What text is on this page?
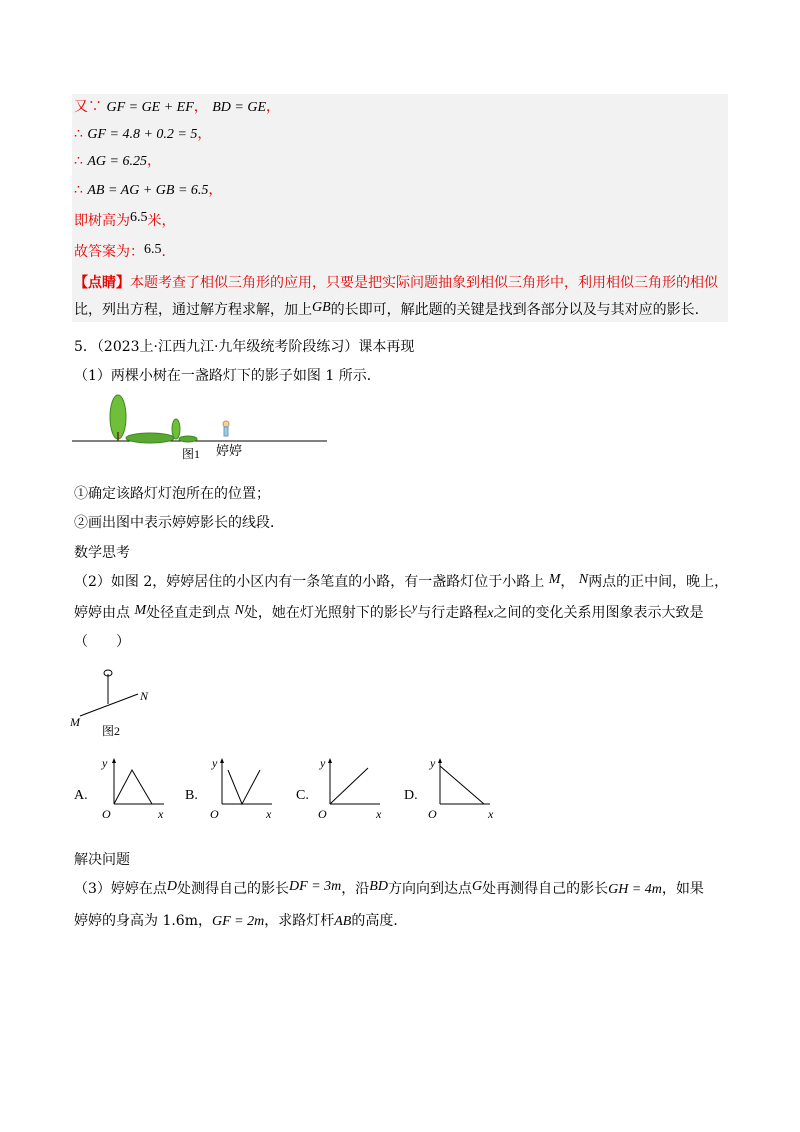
又∵ GF = GE + EF， BD = GE，
∴ GF = 4.8 + 0.2 = 5，
∴ AG = 6.25，
∴ AB = AG + GB = 6.5，
即树高为6.5米，
故答案为：6.5．
【点睛】本题考查了相似三角形的应用，只要是把实际问题抽象到相似三角形中，利用相似三角形的相似
比，列出方程，通过解方程求解，加上GB的长即可，解此题的关键是找到各部分以及与其对应的影长.
5．（2023上·江西九江·九年级统考阶段练习）课本再现
（1）两棵小树在一盏路灯下的影子如图 1 所示．
婷婷
图1
①确定该路灯灯泡所在的位置；
②画出图中表示婷婷影长的线段．
数学思考
（2）如图 2，婷婷居住的小区内有一条笔直的小路，有一盏路灯位于小路上 M， N两点的正中间，晚上，
婷婷由点 M处径直走到点 N处，她在灯光照射下的影长y与行走路程x之间的变化关系用图象表示大致是
（　　）
M
N
图2
A.
y
O	x
B.
y
O	x
C.
y
O	x
D.
y
O	x
解决问题
（3）婷婷在点D处测得自己的影长DF = 3m，沿BD方向向到达点G处再测得自己的影长GH = 4m，如果
婷婷的身高为 1.6m，GF = 2m，求路灯杆AB的高度．
